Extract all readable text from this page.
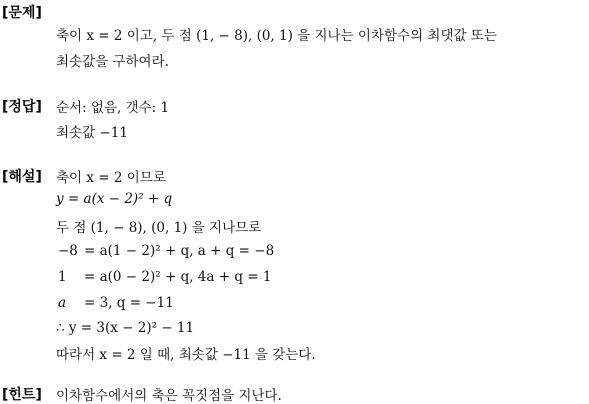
[문제]
축이 x = 2 이고, 두 점 (1, − 8), (0, 1) 을 지나는 이차함수의 최댓값 또는
최솟값을 구하여라.
[정답] 순서: 없음, 갯수: 1
최솟값 −11
[해설] 축이 x = 2 이므로
y = a(x − 2)² + q
두 점 (1, − 8), (0, 1) 을 지나므로
−8 = a(1 − 2)² + q, a + q = −8
1 = a(0 − 2)² + q, 4a + q = 1
a = 3, q = −11
∴ y = 3(x − 2)² − 11
따라서 x = 2 일 때, 최솟값 −11 을 갖는다.
[힌트] 이차함수에서의 축은 꼭짓점을 지난다.
